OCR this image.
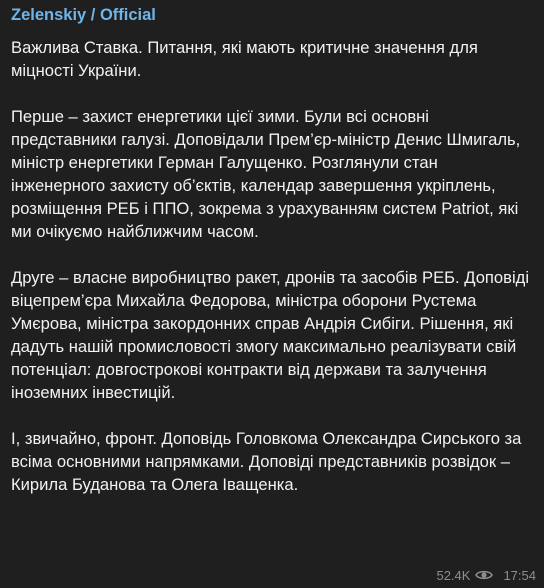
Zelenskiy / Official

Важлива Ставка. Питання, які мають критичне значення для міцності України.

Перше – захист енергетики цієї зими. Були всі основні представники галузі. Доповідали Прем’єр-міністр Денис Шмигаль, міністр енергетики Герман Галущенко. Розглянули стан інженерного захисту об’єктів, календар завершення укріплень, розміщення РЕБ і ППО, зокрема з урахуванням систем Patriot, які ми очікуємо найближчим часом.

Друге – власне виробництво ракет, дронів та засобів РЕБ. Доповіді віцепрем’єра Михайла Федорова, міністра оборони Рустема Умєрова, міністра закордонних справ Андрія Сибіги. Рішення, які дадуть нашій промисловості змогу максимально реалізувати свій потенціал: довгострокові контракти від держави та залучення іноземних інвестицій.

І, звичайно, фронт. Доповідь Головкома Олександра Сирського за всіма основними напрямками. Доповіді представників розвідок – Кирила Буданова та Олега Іващенка.

52.4K	17:54
